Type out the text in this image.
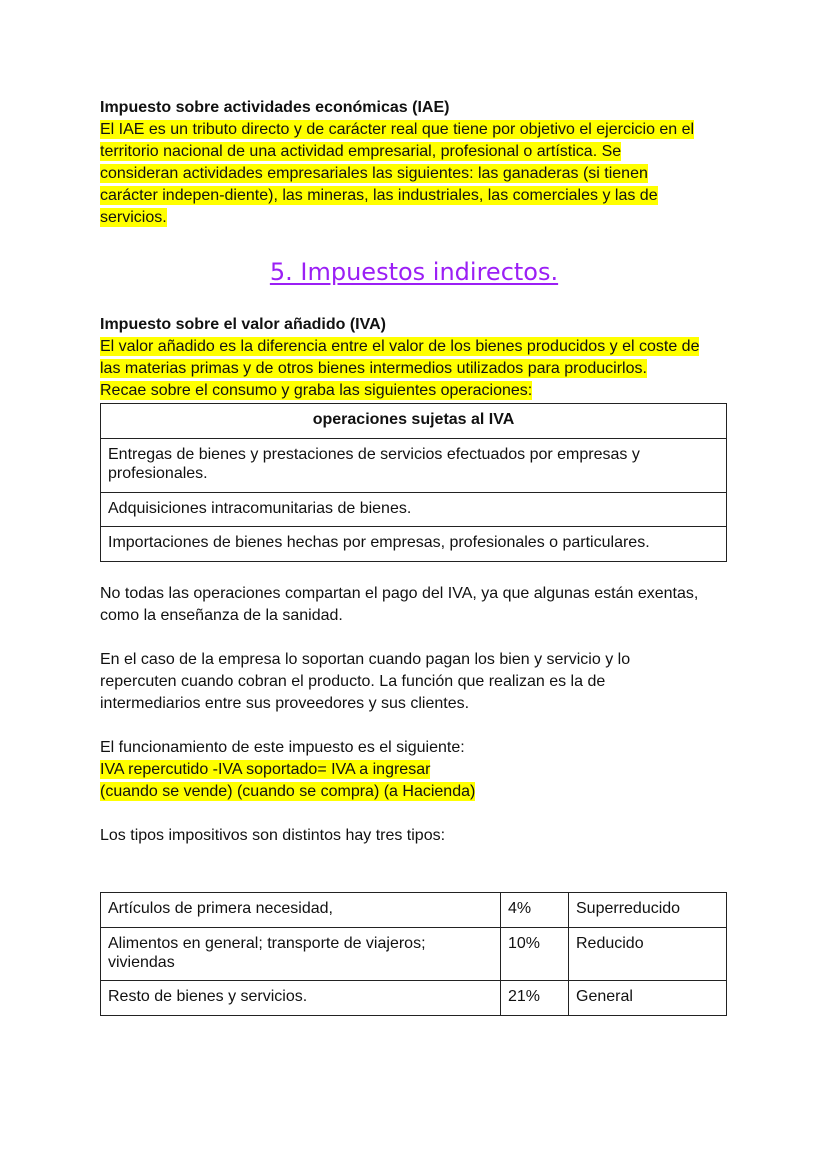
Impuesto sobre actividades económicas (IAE)
El IAE es un tributo directo y de carácter real que tiene por objetivo el ejercicio en el
territorio nacional de una actividad empresarial, profesional o artística. Se
consideran actividades empresariales las siguientes: las ganaderas (si tienen
carácter indepen-diente), las mineras, las industriales, las comerciales y las de
servicios.
5. Impuestos indirectos.
Impuesto sobre el valor añadido (IVA)
El valor añadido es la diferencia entre el valor de los bienes producidos y el coste de
las materias primas y de otros bienes intermedios utilizados para producirlos.
Recae sobre el consumo y graba las siguientes operaciones:
operaciones sujetas al IVA
Entregas de bienes y prestaciones de servicios efectuados por empresas y profesionales.
Adquisiciones intracomunitarias de bienes.
Importaciones de bienes hechas por empresas, profesionales o particulares.
No todas las operaciones compartan el pago del IVA, ya que algunas están exentas,
como la enseñanza de la sanidad.
En el caso de la empresa lo soportan cuando pagan los bien y servicio y lo
repercuten cuando cobran el producto. La función que realizan es la de
intermediarios entre sus proveedores y sus clientes.
El funcionamiento de este impuesto es el siguiente:
IVA repercutido -IVA soportado= IVA a ingresar
(cuando se vende) (cuando se compra) (a Hacienda)
Los tipos impositivos son distintos hay tres tipos:
Artículos de primera necesidad,	4%	Superreducido
Alimentos en general; transporte de viajeros; viviendas	10%	Reducido
Resto de bienes y servicios.	21%	General
